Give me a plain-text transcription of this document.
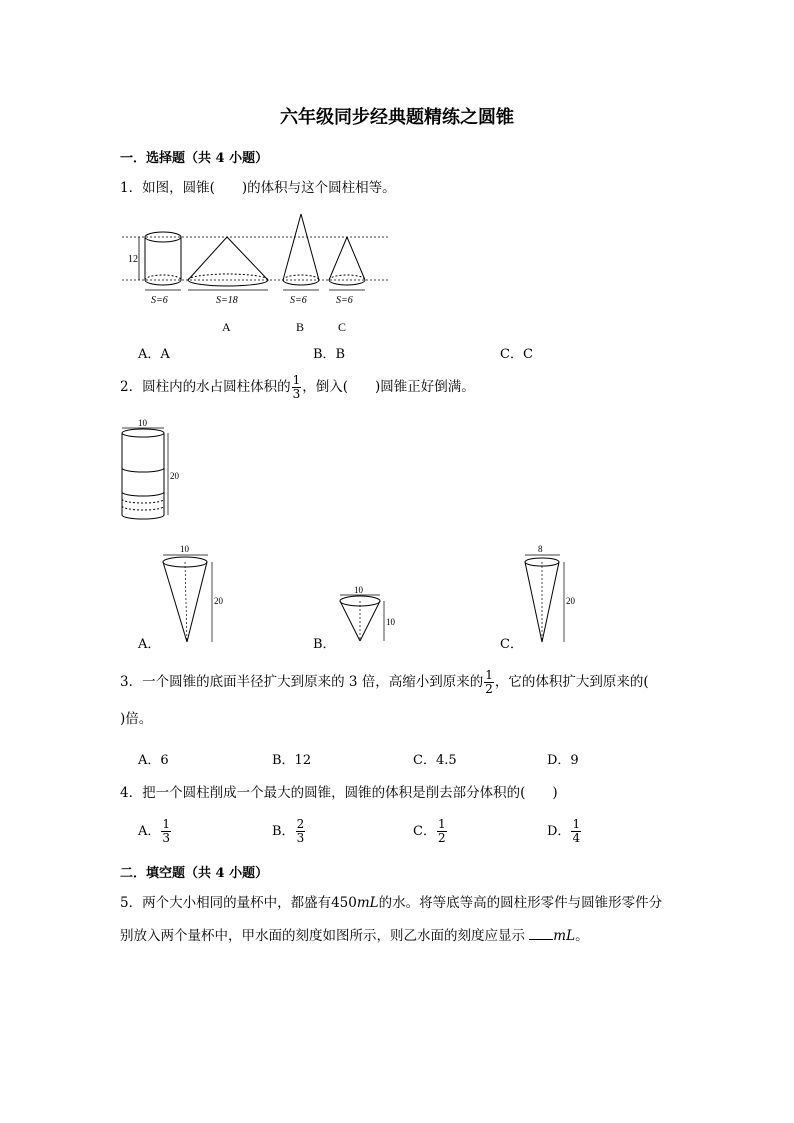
六年级同步经典题精练之圆锥
一．选择题（共 4 小题）
1．如图，圆锥(　　)的体积与这个圆柱相等。
12
S=6	S=18	S=6	S=6
A	B	C
A．A	B．B	C．C
2．圆柱内的水占圆柱体积的 $\frac{1}{3}$ ，倒入(　　)圆锥正好倒满。
10
20
10
20
10
10
8
20
A．	B．	C．
3．一个圆锥的底面半径扩大到原来的 3 倍，高缩小到原来的 $\frac{1}{2}$ ，它的体积扩大到原来的(
)倍。
A．6	B．12	C．4.5	D．9
4．把一个圆柱削成一个最大的圆锥，圆锥的体积是削去部分体积的(　　)
A． $\frac{1}{3}$	B． $\frac{2}{3}$	C． $\frac{1}{2}$	D． $\frac{1}{4}$
二．填空题（共 4 小题）
5．两个大小相同的量杯中，都盛有450mL的水。将等底等高的圆柱形零件与圆锥形零件分
别放入两个量杯中，甲水面的刻度如图所示，则乙水面的刻度应显示 mL。
